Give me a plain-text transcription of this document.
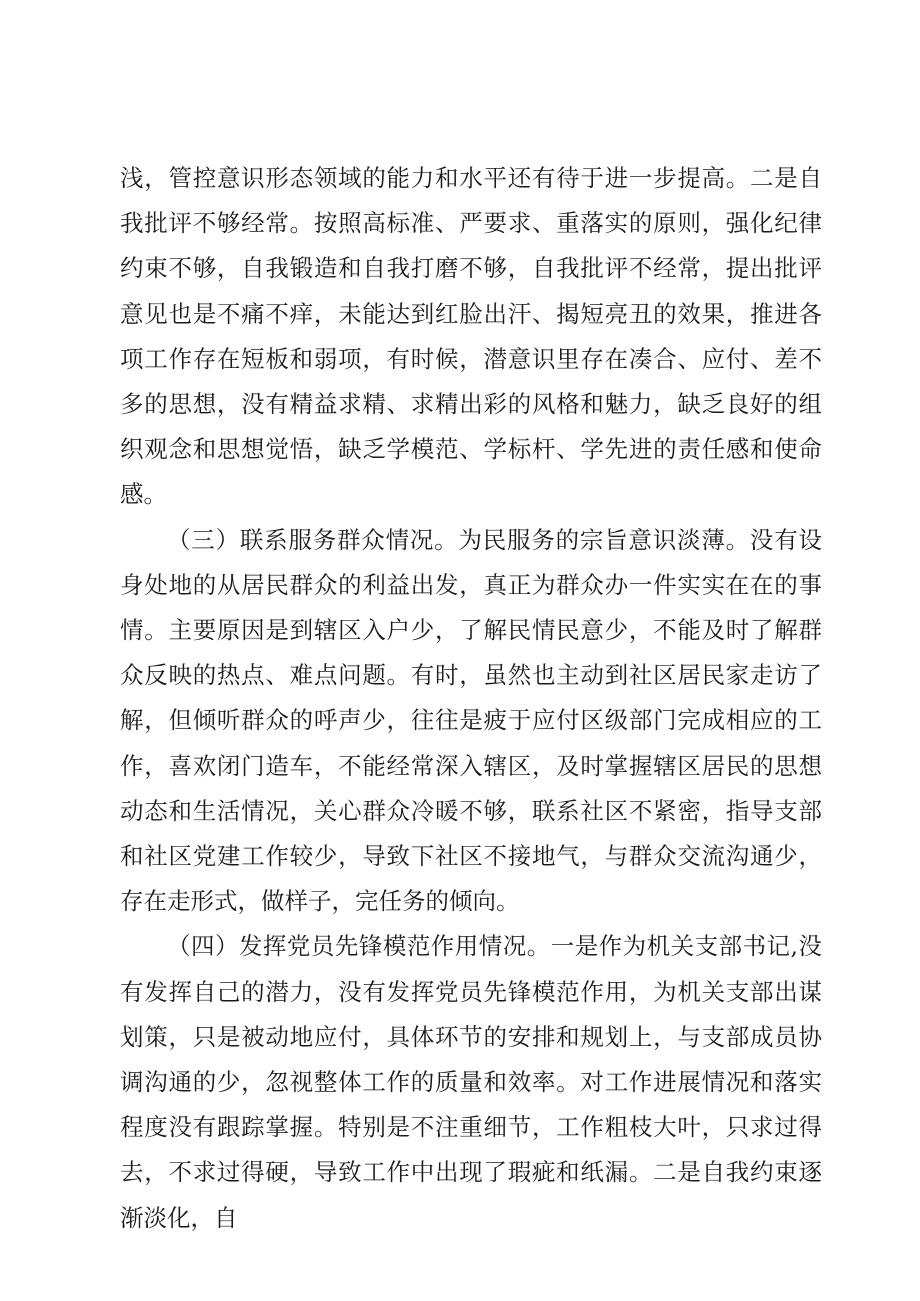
浅，管控意识形态领域的能力和水平还有待于进一步提高。二是自我批评不够经常。按照高标准、严要求、重落实的原则，强化纪律约束不够，自我锻造和自我打磨不够，自我批评不经常，提出批评意见也是不痛不痒，未能达到红脸出汗、揭短亮丑的效果，推进各项工作存在短板和弱项，有时候，潜意识里存在凑合、应付、差不多的思想，没有精益求精、求精出彩的风格和魅力，缺乏良好的组织观念和思想觉悟，缺乏学模范、学标杆、学先进的责任感和使命感。

（三）联系服务群众情况。为民服务的宗旨意识淡薄。没有设身处地的从居民群众的利益出发，真正为群众办一件实实在在的事情。主要原因是到辖区入户少，了解民情民意少，不能及时了解群众反映的热点、难点问题。有时，虽然也主动到社区居民家走访了解，但倾听群众的呼声少，往往是疲于应付区级部门完成相应的工作，喜欢闭门造车，不能经常深入辖区，及时掌握辖区居民的思想动态和生活情况，关心群众冷暖不够，联系社区不紧密，指导支部和社区党建工作较少，导致下社区不接地气，与群众交流沟通少，存在走形式，做样子，完任务的倾向。

（四）发挥党员先锋模范作用情况。一是作为机关支部书记,没有发挥自己的潜力，没有发挥党员先锋模范作用，为机关支部出谋划策，只是被动地应付，具体环节的安排和规划上，与支部成员协调沟通的少，忽视整体工作的质量和效率。对工作进展情况和落实程度没有跟踪掌握。特别是不注重细节，工作粗枝大叶，只求过得去，不求过得硬，导致工作中出现了瑕疵和纸漏。二是自我约束逐渐淡化，自
